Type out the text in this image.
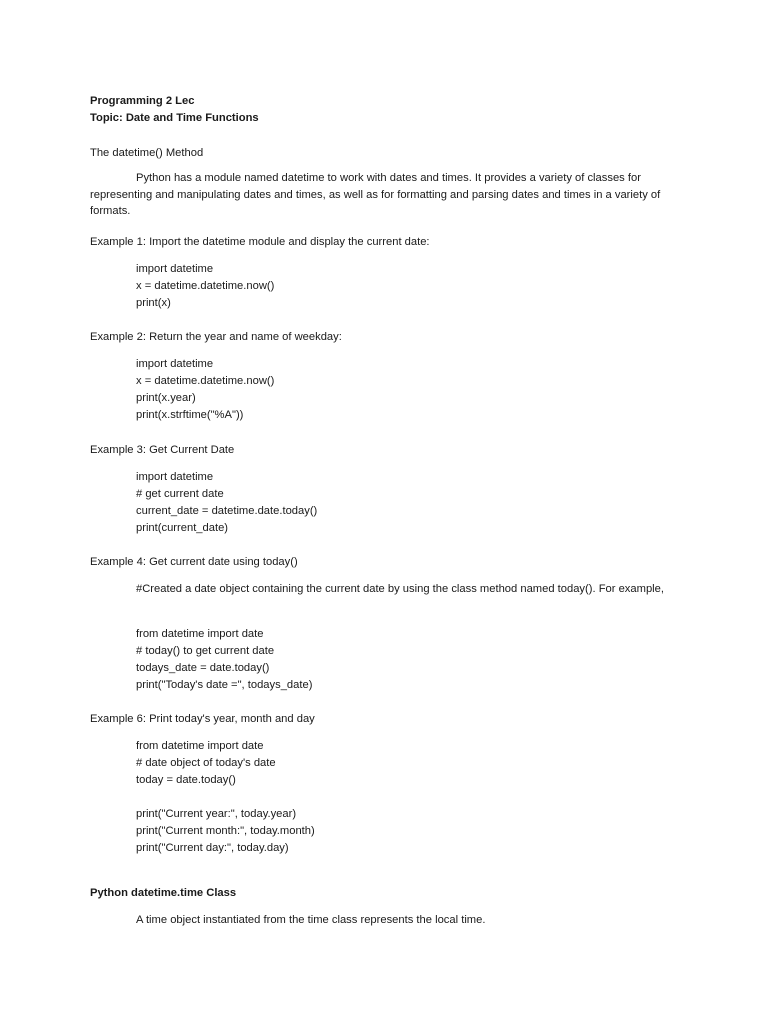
Programming 2 Lec
Topic: Date and Time Functions
The datetime() Method
Python has a module named datetime to work with dates and times. It provides a variety of classes for representing and manipulating dates and times, as well as for formatting and parsing dates and times in a variety of formats.
Example 1: Import the datetime module and display the current date:
import datetime
x = datetime.datetime.now()
print(x)
Example 2: Return the year and name of weekday:
import datetime
x = datetime.datetime.now()
print(x.year)
print(x.strftime("%A"))
Example 3: Get Current Date
import datetime
# get current date
current_date = datetime.date.today()
print(current_date)
Example 4: Get current date using today()
#Created a date object containing the current date by using the class method named today(). For example,
from datetime import date
# today() to get current date
todays_date = date.today()
print("Today's date =", todays_date)
Example 6: Print today's year, month and day
from datetime import date
# date object of today's date
today = date.today()
print("Current year:", today.year)
print("Current month:", today.month)
print("Current day:", today.day)
Python datetime.time Class
A time object instantiated from the time class represents the local time.
